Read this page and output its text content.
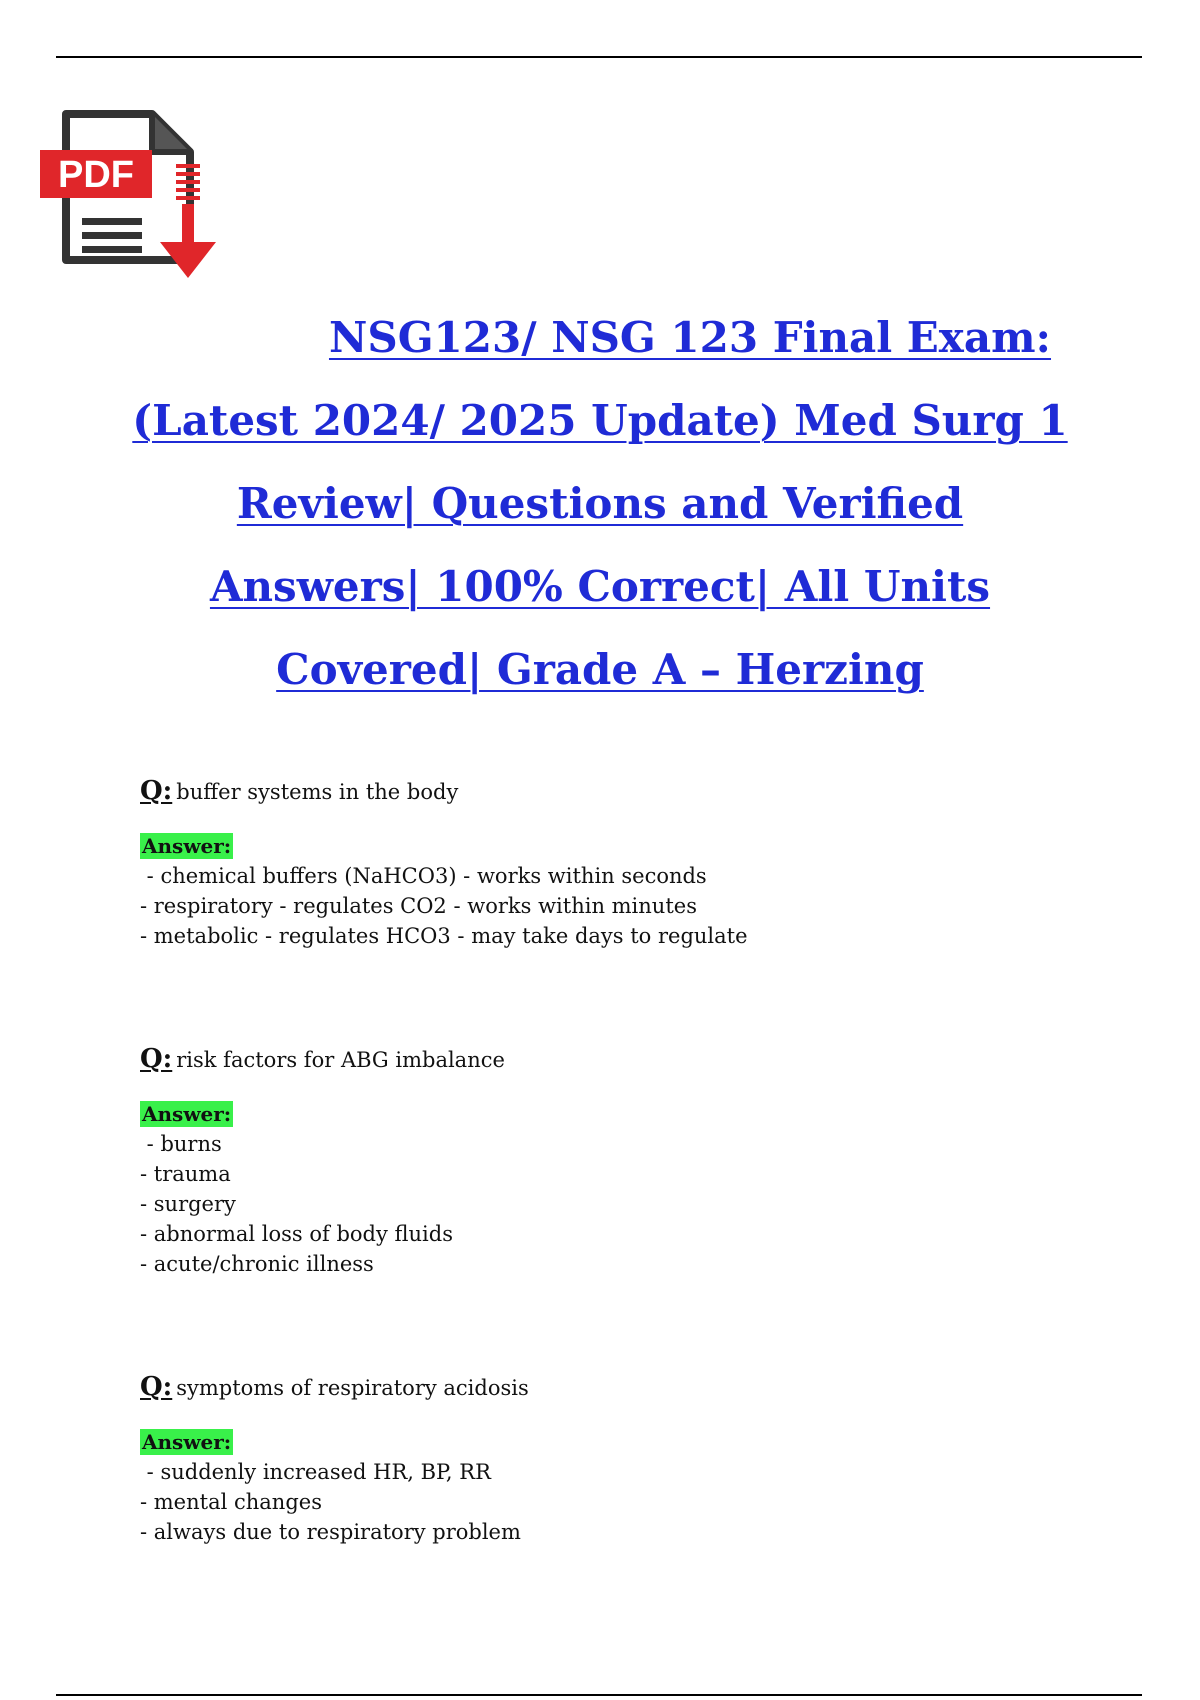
PDF
NSG123/ NSG 123 Final Exam:
(Latest 2024/ 2025 Update) Med Surg 1
Review| Questions and Verified
Answers| 100% Correct| All Units
Covered| Grade A – Herzing
Q: buffer systems in the body
Answer:
- chemical buffers (NaHCO3) - works within seconds
- respiratory - regulates CO2 - works within minutes
- metabolic - regulates HCO3 - may take days to regulate
Q: risk factors for ABG imbalance
Answer:
- burns
- trauma
- surgery
- abnormal loss of body fluids
- acute/chronic illness
Q: symptoms of respiratory acidosis
Answer:
- suddenly increased HR, BP, RR
- mental changes
- always due to respiratory problem
